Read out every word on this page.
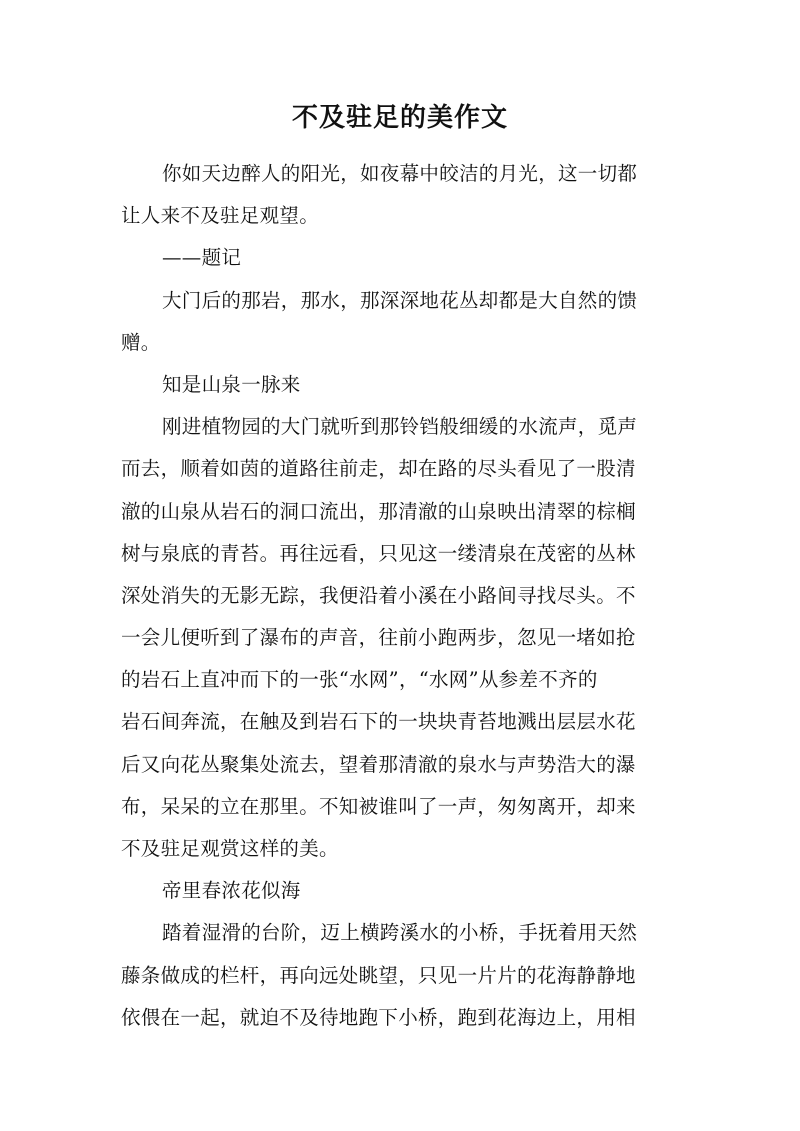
不及驻足的美作文
你如天边醉人的阳光，如夜幕中皎洁的月光，这一切都
让人来不及驻足观望。
——题记
大门后的那岩，那水，那深深地花丛却都是大自然的馈
赠。
知是山泉一脉来
刚进植物园的大门就听到那铃铛般细缓的水流声，觅声
而去，顺着如茵的道路往前走，却在路的尽头看见了一股清
澈的山泉从岩石的洞口流出，那清澈的山泉映出清翠的棕榈
树与泉底的青苔。再往远看，只见这一缕清泉在茂密的丛林
深处消失的无影无踪，我便沿着小溪在小路间寻找尽头。不
一会儿便听到了瀑布的声音，往前小跑两步，忽见一堵如抢
的岩石上直冲而下的一张“水网”，“水网”从参差不齐的
岩石间奔流，在触及到岩石下的一块块青苔地溅出层层水花
后又向花丛聚集处流去，望着那清澈的泉水与声势浩大的瀑
布，呆呆的立在那里。不知被谁叫了一声，匆匆离开，却来
不及驻足观赏这样的美。
帝里春浓花似海
踏着湿滑的台阶，迈上横跨溪水的小桥，手抚着用天然
藤条做成的栏杆，再向远处眺望，只见一片片的花海静静地
依偎在一起，就迫不及待地跑下小桥，跑到花海边上，用相
